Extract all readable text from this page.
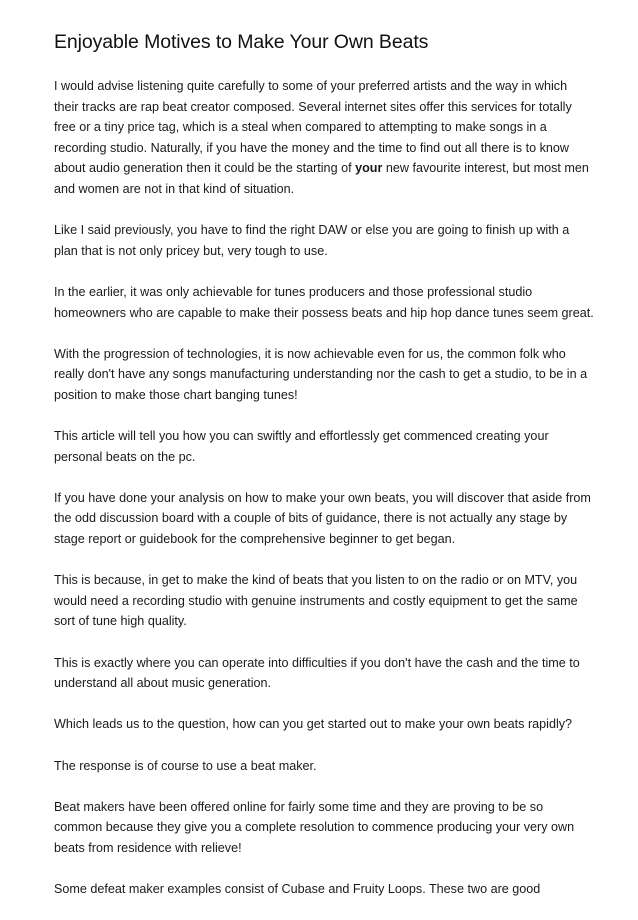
Enjoyable Motives to Make Your Own Beats

I would advise listening quite carefully to some of your preferred artists and the way in which their tracks are rap beat creator composed. Several internet sites offer this services for totally free or a tiny price tag, which is a steal when compared to attempting to make songs in a recording studio. Naturally, if you have the money and the time to find out all there is to know about audio generation then it could be the starting of your new favourite interest, but most men and women are not in that kind of situation.

Like I said previously, you have to find the right DAW or else you are going to finish up with a plan that is not only pricey but, very tough to use.

In the earlier, it was only achievable for tunes producers and those professional studio homeowners who are capable to make their possess beats and hip hop dance tunes seem great.

With the progression of technologies, it is now achievable even for us, the common folk who really don't have any songs manufacturing understanding nor the cash to get a studio, to be in a position to make those chart banging tunes!

This article will tell you how you can swiftly and effortlessly get commenced creating your personal beats on the pc.

If you have done your analysis on how to make your own beats, you will discover that aside from the odd discussion board with a couple of bits of guidance, there is not actually any stage by stage report or guidebook for the comprehensive beginner to get began.

This is because, in get to make the kind of beats that you listen to on the radio or on MTV, you would need a recording studio with genuine instruments and costly equipment to get the same sort of tune high quality.

This is exactly where you can operate into difficulties if you don't have the cash and the time to understand all about music generation.

Which leads us to the question, how can you get started out to make your own beats rapidly?

The response is of course to use a beat maker.

Beat makers have been offered online for fairly some time and they are proving to be so common because they give you a complete resolution to commence producing your very own beats from residence with relieve!

Some defeat maker examples consist of Cubase and Fruity Loops. These two are good
